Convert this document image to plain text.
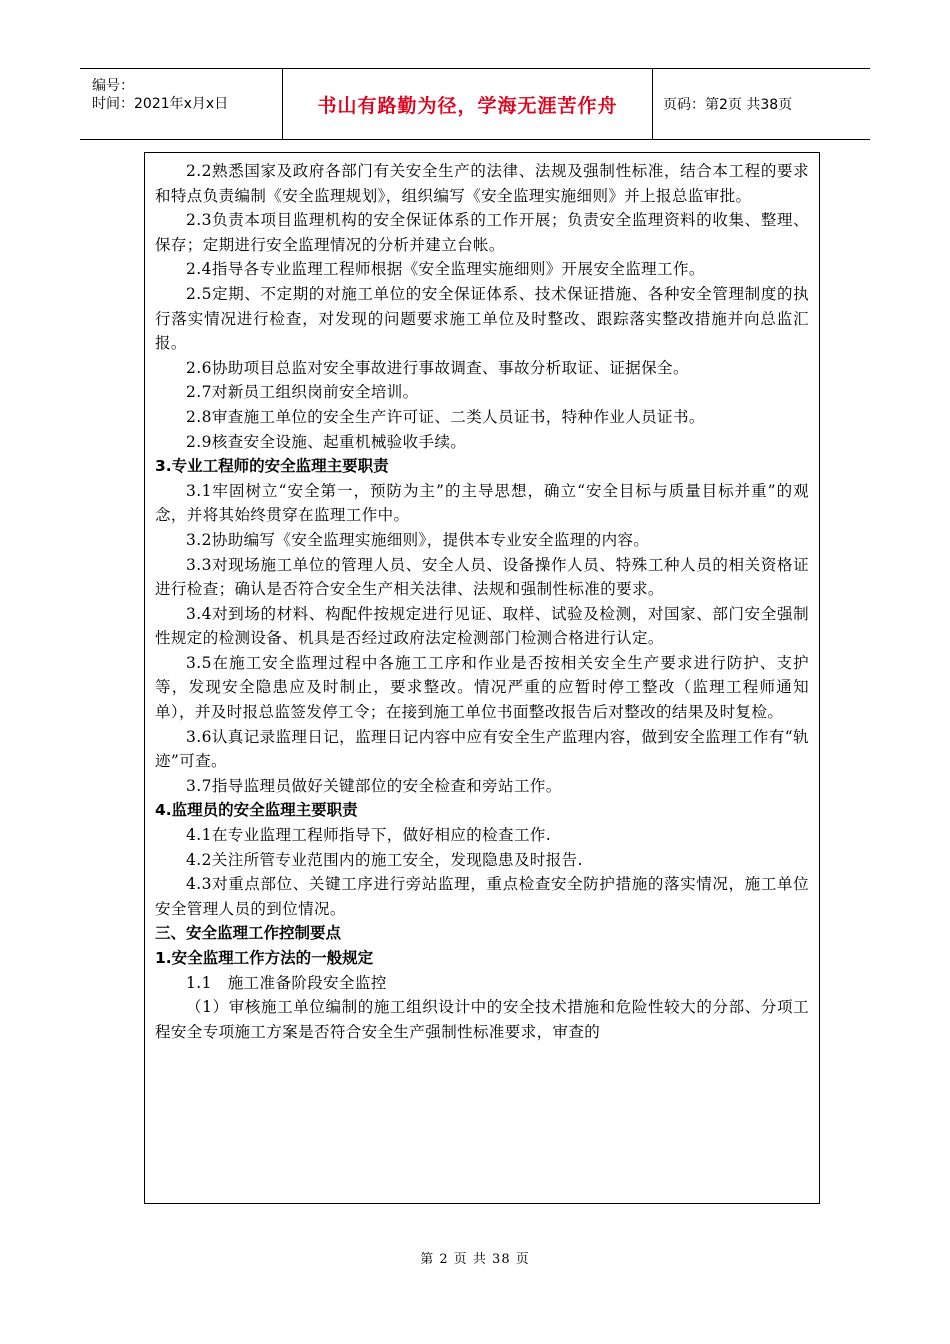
编号：
时间：2021年x月x日	书山有路勤为径，学海无涯苦作舟	页码：第2页 共38页

2.2熟悉国家及政府各部门有关安全生产的法律、法规及强制性标准，结合本工程的要求和特点负责编制《安全监理规划》，组织编写《安全监理实施细则》并上报总监审批。

2.3负责本项目监理机构的安全保证体系的工作开展；负责安全监理资料的收集、整理、保存；定期进行安全监理情况的分析并建立台帐。

2.4指导各专业监理工程师根据《安全监理实施细则》开展安全监理工作。

2.5定期、不定期的对施工单位的安全保证体系、技术保证措施、各种安全管理制度的执行落实情况进行检查，对发现的问题要求施工单位及时整改、跟踪落实整改措施并向总监汇报。

2.6协助项目总监对安全事故进行事故调查、事故分析取证、证据保全。

2.7对新员工组织岗前安全培训。

2.8审查施工单位的安全生产许可证、二类人员证书，特种作业人员证书。

2.9核查安全设施、起重机械验收手续。

3.专业工程师的安全监理主要职责

3.1牢固树立“安全第一，预防为主”的主导思想，确立“安全目标与质量目标并重”的观念，并将其始终贯穿在监理工作中。

3.2协助编写《安全监理实施细则》，提供本专业安全监理的内容。

3.3对现场施工单位的管理人员、安全人员、设备操作人员、特殊工种人员的相关资格证进行检查；确认是否符合安全生产相关法律、法规和强制性标准的要求。

3.4对到场的材料、构配件按规定进行见证、取样、试验及检测，对国家、部门安全强制性规定的检测设备、机具是否经过政府法定检测部门检测合格进行认定。

3.5在施工安全监理过程中各施工工序和作业是否按相关安全生产要求进行防护、支护等，发现安全隐患应及时制止，要求整改。情况严重的应暂时停工整改（监理工程师通知单），并及时报总监签发停工令；在接到施工单位书面整改报告后对整改的结果及时复检。

3.6认真记录监理日记，监理日记内容中应有安全生产监理内容，做到安全监理工作有“轨迹”可查。

3.7指导监理员做好关键部位的安全检查和旁站工作。

4.监理员的安全监理主要职责

4.1在专业监理工程师指导下，做好相应的检查工作.

4.2关注所管专业范围内的施工安全，发现隐患及时报告.

4.3对重点部位、关键工序进行旁站监理，重点检查安全防护措施的落实情况，施工单位安全管理人员的到位情况。

三、安全监理工作控制要点

1.安全监理工作方法的一般规定

1.1　施工准备阶段安全监控

（1）审核施工单位编制的施工组织设计中的安全技术措施和危险性较大的分部、分项工程安全专项施工方案是否符合安全生产强制性标准要求，审查的

第 2 页 共 38 页
